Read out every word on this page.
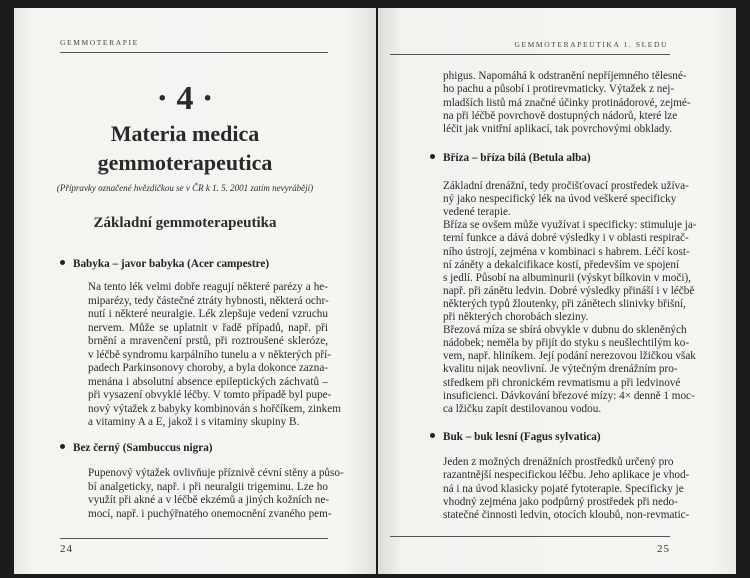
GEMMOTERAPIE
· 4 ·
Materia medica
gemmoterapeutica
(Přípravky označené hvězdičkou se v ČR k 1. 5. 2001 zatím nevyrábějí)
Základní gemmoterapeutika
24
Babyka – javor babyka (Acer campestre)
Na tento lék velmi dobře reagují některé parézy a he-
miparézy, tedy částečné ztráty hybnosti, některá ochr-
nutí i některé neuralgie. Lék zlepšuje vedení vzruchu
nervem. Může se uplatnit v řadě případů, např. při
brnění a mravenčení prstů, při roztroušené skleróze,
v léčbě syndromu karpálního tunelu a v některých pří-
padech Parkinsonovy choroby, a byla dokonce zazna-
menána i absolutní absence epileptických záchvatů –
při vysazení obvyklé léčby. V tomto případě byl pupe-
nový výtažek z babyky kombinován s hořčíkem, zinkem
a vitaminy A a E, jakož i s vitaminy skupiny B.
Bez černý (Sambuccus nigra)
Pupenový výtažek ovlivňuje příznivě cévní stěny a půso-
bí analgeticky, např. i při neuralgii trigeminu. Lze ho
využít při akné a v léčbě ekzémů a jiných kožních ne-
mocí, např. i puchýřnatého onemocnění zvaného pem-
GEMMOTERAPEUTIKA 1. SLEDU
25
phigus. Napomáhá k odstranění nepříjemného tělesné-
ho pachu a působí i protirevmaticky. Výtažek z nej-
mladších listů má značné účinky protinádorové, zejmé-
na při léčbě povrchově dostupných nádorů, které lze
léčit jak vnitřní aplikací, tak povrchovými obklady.
Bříza – bříza bílá (Betula alba)
Základní drenážní, tedy pročišťovací prostředek užíva-
ný jako nespecifický lék na úvod veškeré specificky
vedené terapie.
Bříza se ovšem může využívat i specificky: stimuluje ja-
terní funkce a dává dobré výsledky i v oblasti respirač-
ního ústrojí, zejména v kombinaci s habrem. Léčí kost-
ní záněty a dekalcifikace kostí, především ve spojení
s jedlí. Působí na albuminurii (výskyt bílkovin v moči),
např. při zánětu ledvin. Dobré výsledky přináší i v léčbě
některých typů žloutenky, při zánětech slinivky břišní,
při některých chorobách sleziny.
Březová míza se sbírá obvykle v dubnu do skleněných
nádobek; neměla by přijít do styku s neušlechtilým ko-
vem, např. hliníkem. Její podání nerezovou lžičkou však
kvalitu nijak neovlivní. Je výtečným drenážním pro-
středkem při chronickém revmatismu a při ledvinové
insuficienci. Dávkování březové mízy: 4× denně 1 moc-
ca lžičku zapít destilovanou vodou.
Buk – buk lesní (Fagus sylvatica)
Jeden z možných drenážních prostředků určený pro
razantnější nespecifickou léčbu. Jeho aplikace je vhod-
ná i na úvod klasicky pojaté fytoterapie. Specificky je
vhodný zejména jako podpůrný prostředek při nedo-
statečné činnosti ledvin, otocích kloubů, non-revmatic-
